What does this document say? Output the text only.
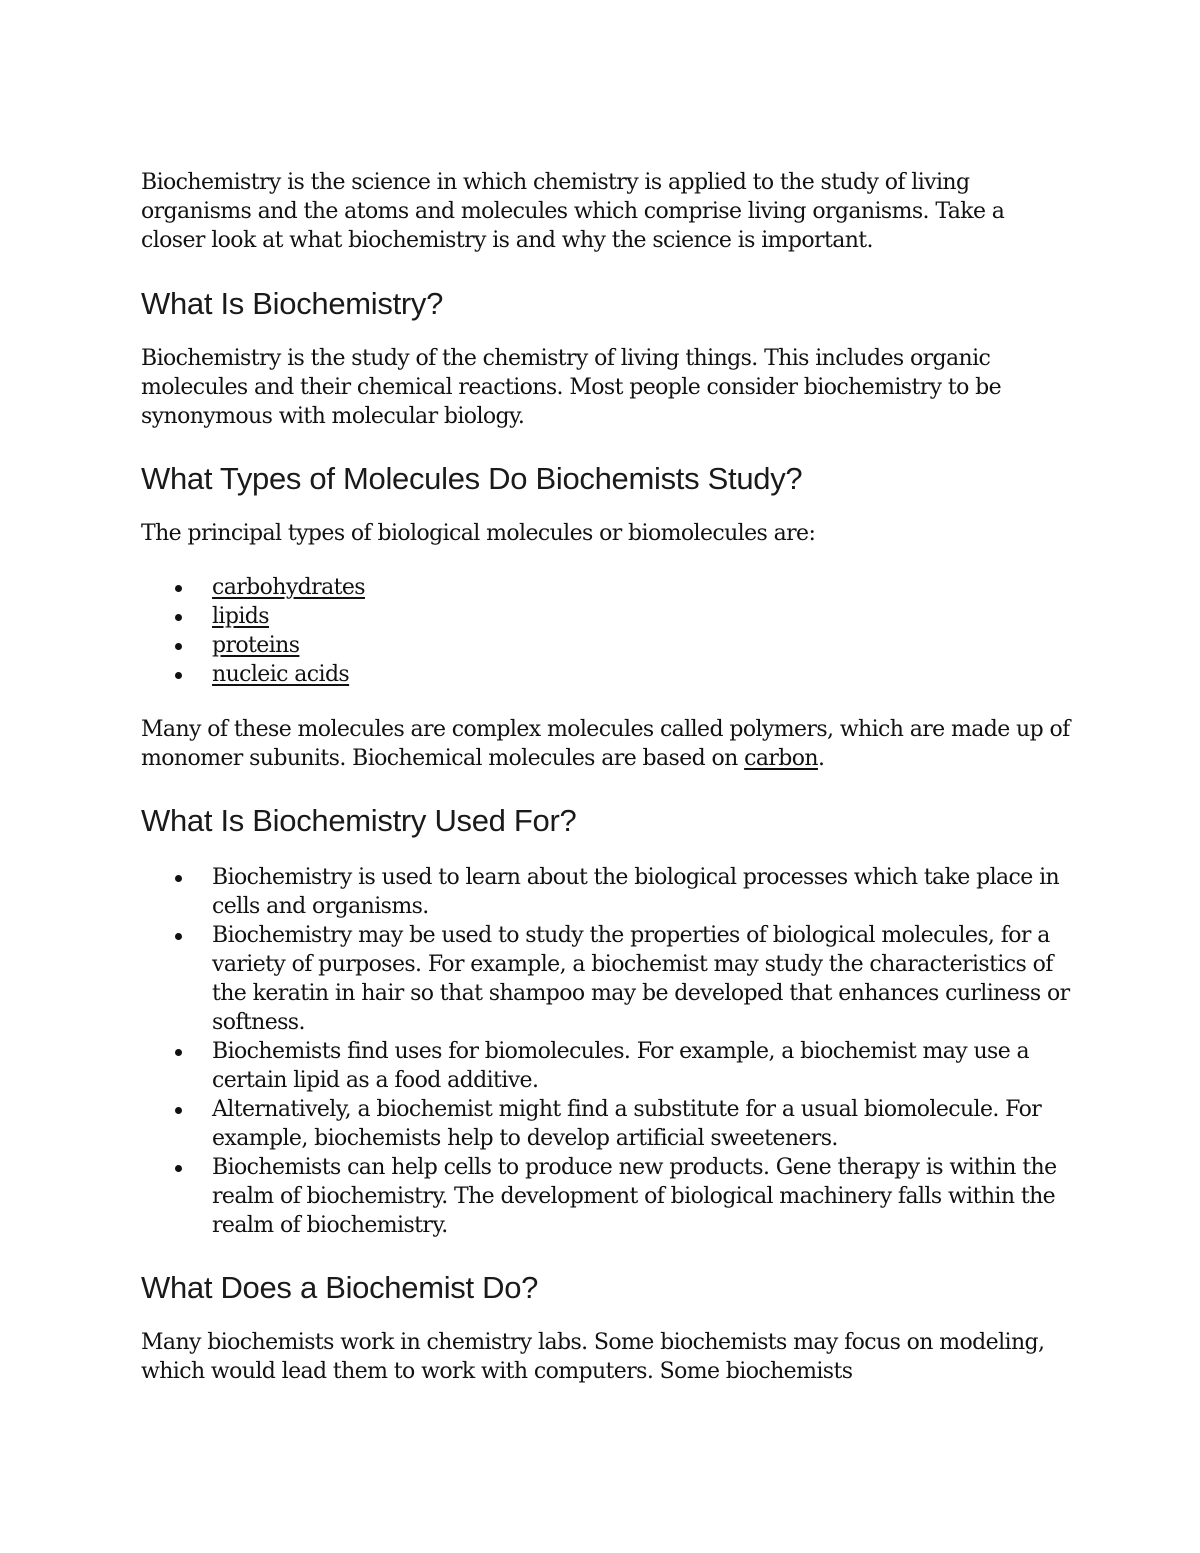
Biochemistry is the science in which chemistry is applied to the study of living organisms and the atoms and molecules which comprise living organisms. Take a closer look at what biochemistry is and why the science is important.

What Is Biochemistry?

Biochemistry is the study of the chemistry of living things. This includes organic molecules and their chemical reactions. Most people consider biochemistry to be synonymous with molecular biology.

What Types of Molecules Do Biochemists Study?

The principal types of biological molecules or biomolecules are:

carbohydrates
lipids
proteins
nucleic acids

Many of these molecules are complex molecules called polymers, which are made up of monomer subunits. Biochemical molecules are based on carbon.

What Is Biochemistry Used For?
Biochemistry is used to learn about the biological processes which take place in cells and organisms.
Biochemistry may be used to study the properties of biological molecules, for a variety of purposes. For example, a biochemist may study the characteristics of the keratin in hair so that shampoo may be developed that enhances curliness or softness.
Biochemists find uses for biomolecules. For example, a biochemist may use a certain lipid as a food additive.
Alternatively, a biochemist might find a substitute for a usual biomolecule. For example, biochemists help to develop artificial sweeteners.
Biochemists can help cells to produce new products. Gene therapy is within the realm of biochemistry. The development of biological machinery falls within the realm of biochemistry.
What Does a Biochemist Do?

Many biochemists work in chemistry labs. Some biochemists may focus on modeling, which would lead them to work with computers. Some biochemists
